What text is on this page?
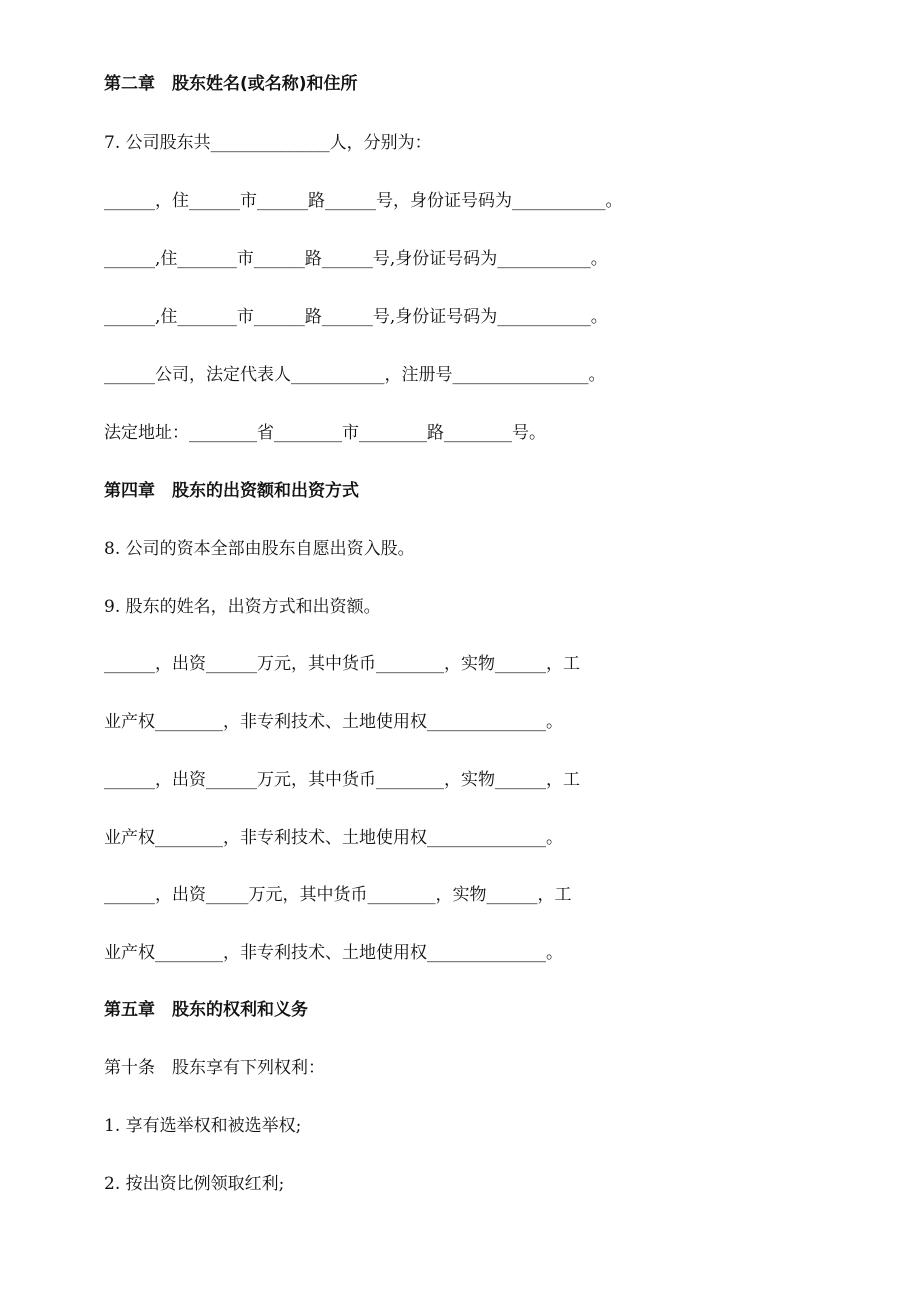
第二章　股东姓名(或名称)和住所
7. 公司股东共______________人，分别为：
______，住______市______路______号，身份证号码为___________。
______,住_______市______路______号,身份证号码为___________。
______,住_______市______路______号,身份证号码为___________。
______公司，法定代表人___________，注册号________________。
法定地址：________省________市________路________号。
第四章　股东的出资额和出资方式
8. 公司的资本全部由股东自愿出资入股。
9. 股东的姓名，出资方式和出资额。
______，出资______万元，其中货币________，实物______，工
业产权________，非专利技术、土地使用权______________。
______，出资______万元，其中货币________，实物______，工
业产权________，非专利技术、土地使用权______________。
______，出资_____万元，其中货币________，实物______，工
业产权________，非专利技术、土地使用权______________。
第五章　股东的权利和义务
第十条　股东享有下列权利：
1. 享有选举权和被选举权;
2. 按出资比例领取红利;
